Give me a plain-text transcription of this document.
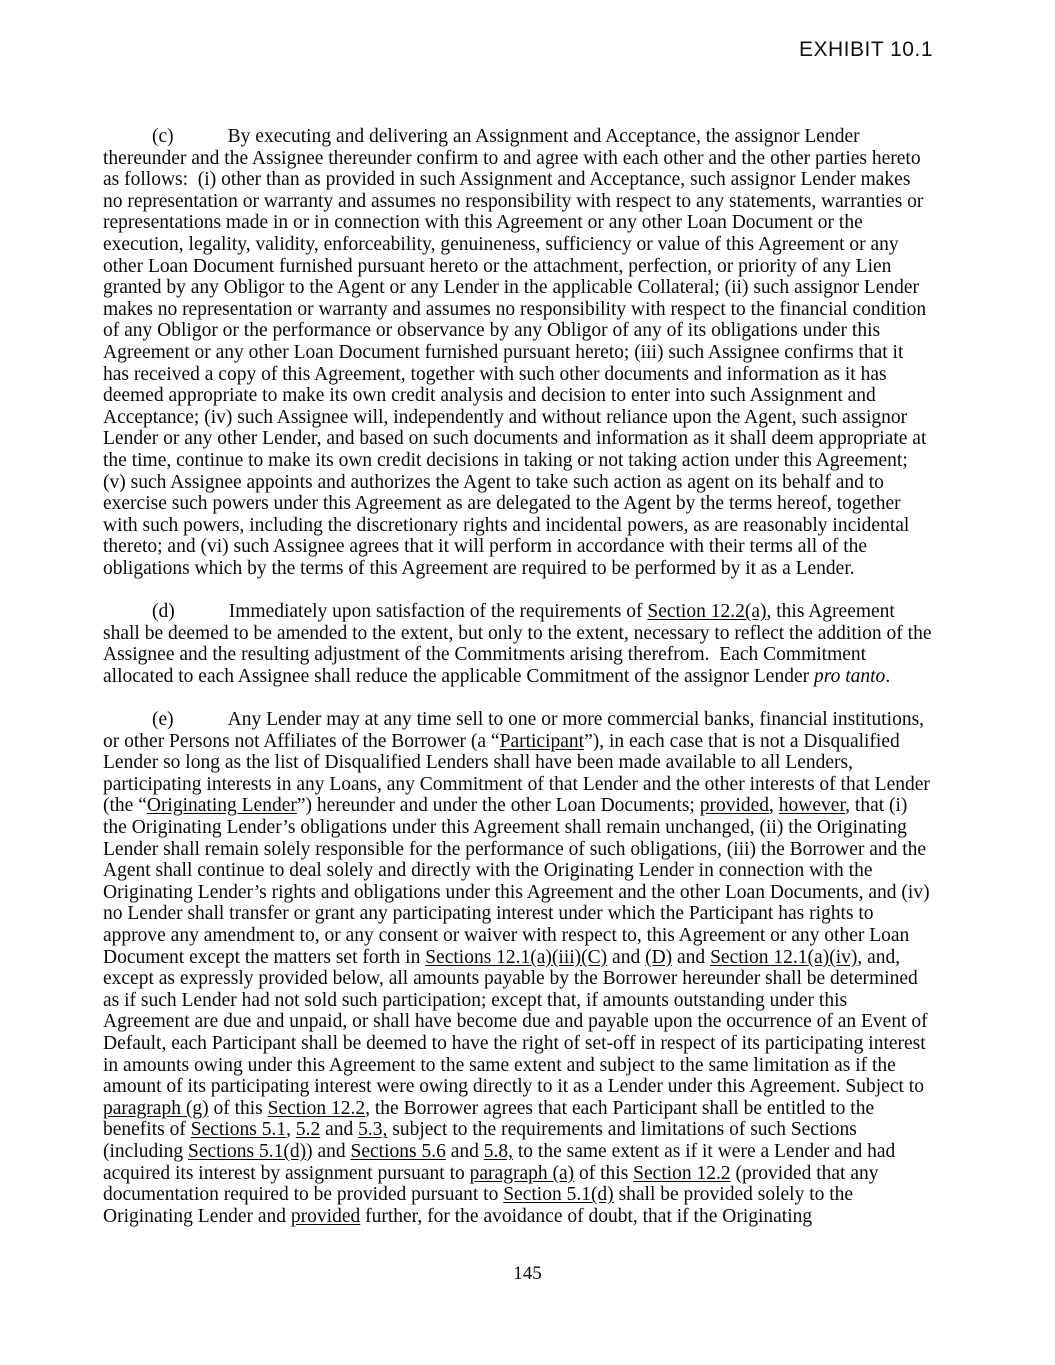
EXHIBIT 10.1

(c)	By executing and delivering an Assignment and Acceptance, the assignor Lender thereunder and the Assignee thereunder confirm to and agree with each other and the other parties hereto as follows:  (i) other than as provided in such Assignment and Acceptance, such assignor Lender makes no representation or warranty and assumes no responsibility with respect to any statements, warranties or representations made in or in connection with this Agreement or any other Loan Document or the execution, legality, validity, enforceability, genuineness, sufficiency or value of this Agreement or any other Loan Document furnished pursuant hereto or the attachment, perfection, or priority of any Lien granted by any Obligor to the Agent or any Lender in the applicable Collateral; (ii) such assignor Lender makes no representation or warranty and assumes no responsibility with respect to the financial condition of any Obligor or the performance or observance by any Obligor of any of its obligations under this Agreement or any other Loan Document furnished pursuant hereto; (iii) such Assignee confirms that it has received a copy of this Agreement, together with such other documents and information as it has deemed appropriate to make its own credit analysis and decision to enter into such Assignment and Acceptance; (iv) such Assignee will, independently and without reliance upon the Agent, such assignor Lender or any other Lender, and based on such documents and information as it shall deem appropriate at the time, continue to make its own credit decisions in taking or not taking action under this Agreement; (v) such Assignee appoints and authorizes the Agent to take such action as agent on its behalf and to exercise such powers under this Agreement as are delegated to the Agent by the terms hereof, together with such powers, including the discretionary rights and incidental powers, as are reasonably incidental thereto; and (vi) such Assignee agrees that it will perform in accordance with their terms all of the obligations which by the terms of this Agreement are required to be performed by it as a Lender.

(d)	Immediately upon satisfaction of the requirements of Section 12.2(a), this Agreement shall be deemed to be amended to the extent, but only to the extent, necessary to reflect the addition of the Assignee and the resulting adjustment of the Commitments arising therefrom.  Each Commitment allocated to each Assignee shall reduce the applicable Commitment of the assignor Lender pro tanto.

(e)	Any Lender may at any time sell to one or more commercial banks, financial institutions, or other Persons not Affiliates of the Borrower (a “Participant”), in each case that is not a Disqualified Lender so long as the list of Disqualified Lenders shall have been made available to all Lenders, participating interests in any Loans, any Commitment of that Lender and the other interests of that Lender (the “Originating Lender”) hereunder and under the other Loan Documents; provided, however, that (i) the Originating Lender’s obligations under this Agreement shall remain unchanged, (ii) the Originating Lender shall remain solely responsible for the performance of such obligations, (iii) the Borrower and the Agent shall continue to deal solely and directly with the Originating Lender in connection with the Originating Lender’s rights and obligations under this Agreement and the other Loan Documents, and (iv) no Lender shall transfer or grant any participating interest under which the Participant has rights to approve any amendment to, or any consent or waiver with respect to, this Agreement or any other Loan Document except the matters set forth in Sections 12.1(a)(iii)(C) and (D) and Section 12.1(a)(iv), and, except as expressly provided below, all amounts payable by the Borrower hereunder shall be determined as if such Lender had not sold such participation; except that, if amounts outstanding under this Agreement are due and unpaid, or shall have become due and payable upon the occurrence of an Event of Default, each Participant shall be deemed to have the right of set-off in respect of its participating interest in amounts owing under this Agreement to the same extent and subject to the same limitation as if the amount of its participating interest were owing directly to it as a Lender under this Agreement. Subject to paragraph (g) of this Section 12.2, the Borrower agrees that each Participant shall be entitled to the benefits of Sections 5.1, 5.2 and 5.3, subject to the requirements and limitations of such Sections (including Sections 5.1(d)) and Sections 5.6 and 5.8, to the same extent as if it were a Lender and had acquired its interest by assignment pursuant to paragraph (a) of this Section 12.2 (provided that any documentation required to be provided pursuant to Section 5.1(d) shall be provided solely to the Originating Lender and provided further, for the avoidance of doubt, that if the Originating

145
